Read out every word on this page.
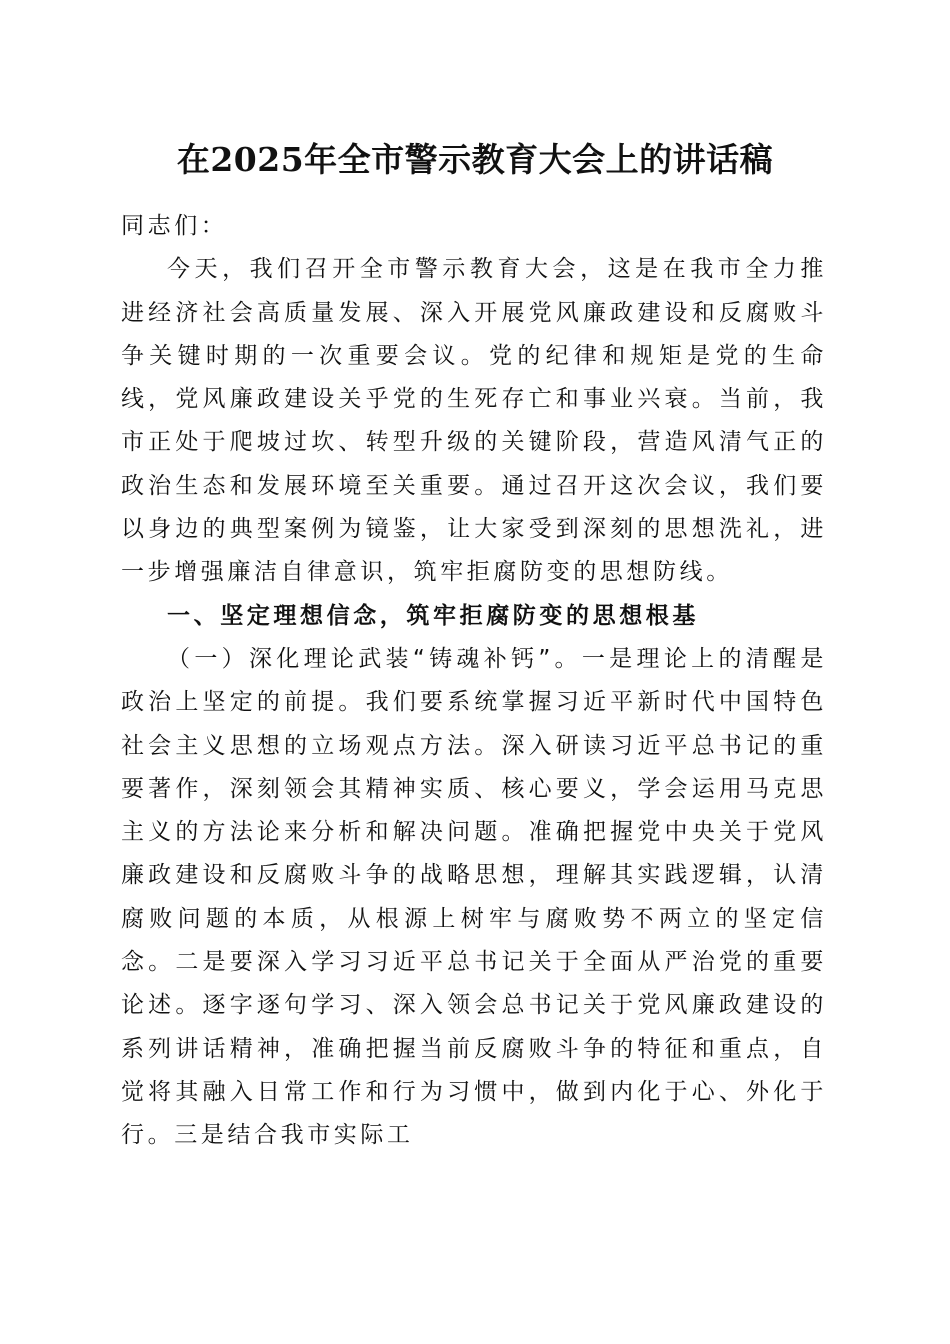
在2025年全市警示教育大会上的讲话稿

同志们：

今天，我们召开全市警示教育大会，这是在我市全力推进经济社会高质量发展、深入开展党风廉政建设和反腐败斗争关键时期的一次重要会议。党的纪律和规矩是党的生命线，党风廉政建设关乎党的生死存亡和事业兴衰。当前，我市正处于爬坡过坎、转型升级的关键阶段，营造风清气正的政治生态和发展环境至关重要。通过召开这次会议，我们要以身边的典型案例为镜鉴，让大家受到深刻的思想洗礼，进一步增强廉洁自律意识，筑牢拒腐防变的思想防线。

一、坚定理想信念，筑牢拒腐防变的思想根基

（一）深化理论武装“铸魂补钙”。一是理论上的清醒是政治上坚定的前提。我们要系统掌握习近平新时代中国特色社会主义思想的立场观点方法。深入研读习近平总书记的重要著作，深刻领会其精神实质、核心要义，学会运用马克思主义的方法论来分析和解决问题。准确把握党中央关于党风廉政建设和反腐败斗争的战略思想，理解其实践逻辑，认清腐败问题的本质，从根源上树牢与腐败势不两立的坚定信念。二是要深入学习习近平总书记关于全面从严治党的重要论述。逐字逐句学习、深入领会总书记关于党风廉政建设的系列讲话精神，准确把握当前反腐败斗争的特征和重点，自觉将其融入日常工作和行为习惯中，做到内化于心、外化于行。三是结合我市实际工
